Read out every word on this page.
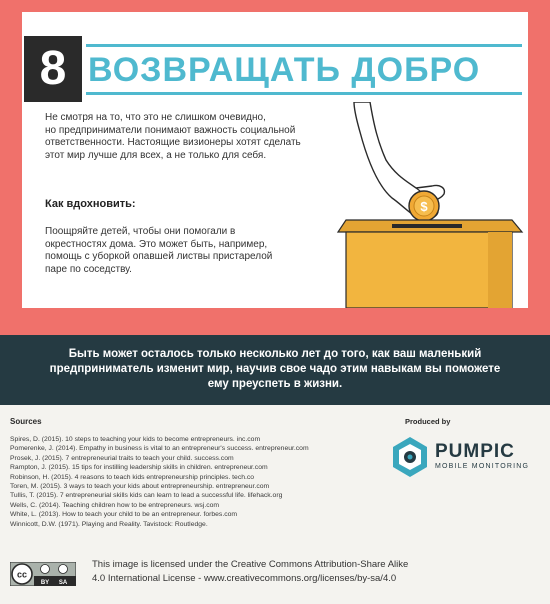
8 ВОЗВРАЩАТЬ ДОБРО
Не смотря на то, что это не слишком очевидно,
но предприниматели понимают важность социальной
ответственности. Настоящие визионеры хотят сделать
этот мир лучше для всех, а не только для себя.
Как вдохновить:
Поощряйте детей, чтобы они помогали в
окрестностях дома. Это может быть, например,
помощь с уборкой опавшей листвы пристарелой
паре по соседству.
$
Быть может осталось только несколько лет до того, как ваш маленький
предприниматель изменит мир, научив свое чадо этим навыкам вы поможете
ему преуспеть в жизни.
Sources
Spires, D. (2015). 10 steps to teaching your kids to become entrepreneurs. inc.com
Pomerenke, J. (2014). Empathy in business is vital to an entrepreneur's success. entrepreneur.com
Prosek, J. (2015). 7 entrepreneurial traits to teach your child. success.com
Rampton, J. (2015). 15 tips for instilling leadership skills in children. entrepreneur.com
Robinson, H. (2015). 4 reasons to teach kids entrepreneurship principles. tech.co
Toren, M. (2015). 3 ways to teach your kids about entrepreneurship. entrepreneur.com
Tullis, T. (2015). 7 entrepreneurial skills kids can learn to lead a successful life. lifehack.org
Wells, C. (2014). Teaching children how to be entrepreneurs. wsj.com
White, L. (2013). How to teach your child to be an entrepreneur. forbes.com
Winnicott, D.W. (1971). Playing and Reality. Tavistock: Routledge.
Produced by
PUMPIC
MOBILE MONITORING
cc
BY SA
This image is licensed under the Creative Commons Attribution-Share Alike
4.0 International License - www.creativecommons.org/licenses/by-sa/4.0
